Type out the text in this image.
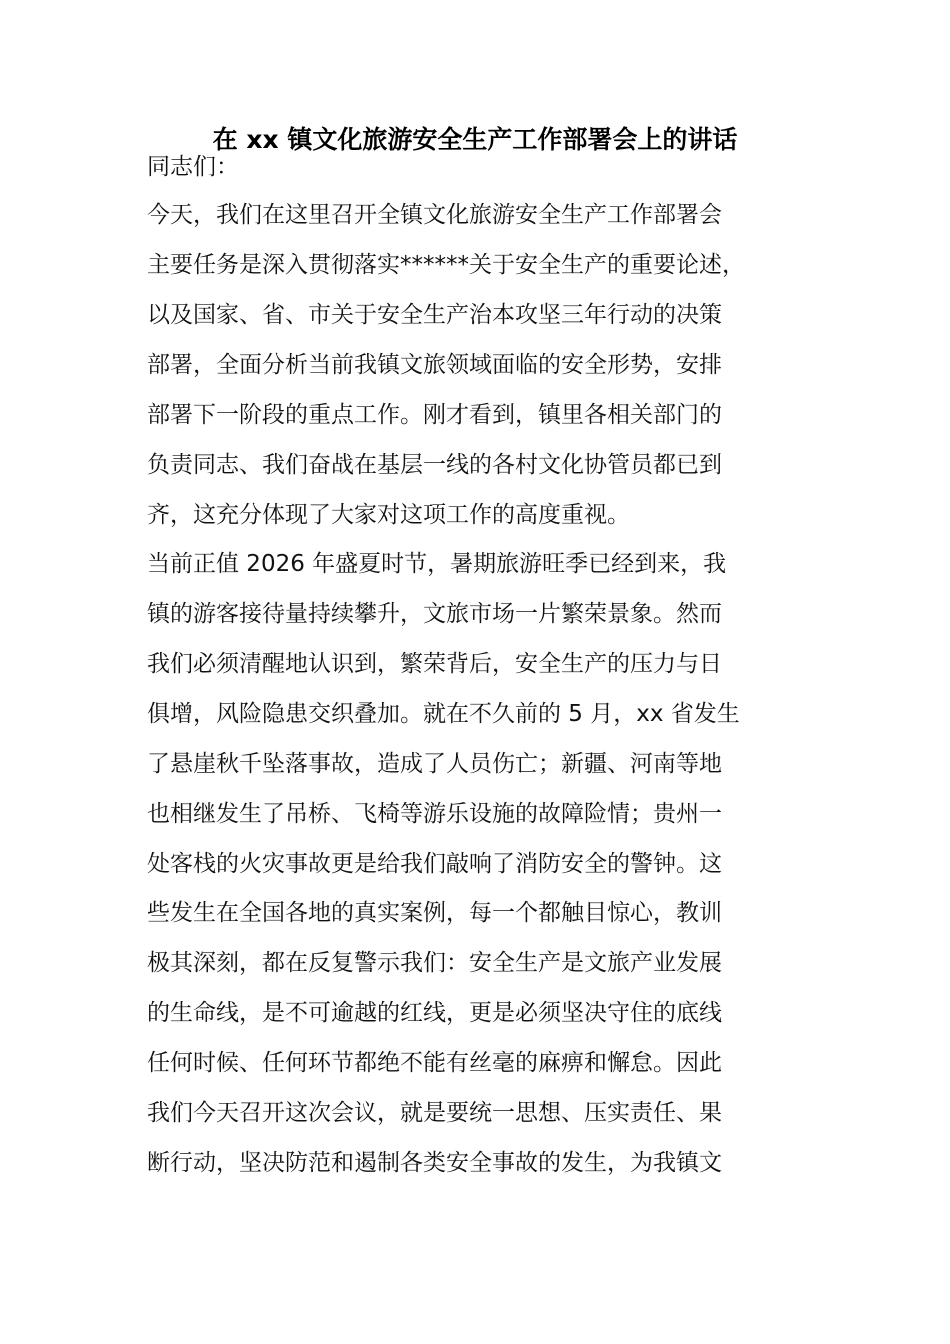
在 xx 镇文化旅游安全生产工作部署会上的讲话
同志们：
今天，我们在这里召开全镇文化旅游安全生产工作部署会
主要任务是深入贯彻落实******关于安全生产的重要论述，
以及国家、省、市关于安全生产治本攻坚三年行动的决策
部署，全面分析当前我镇文旅领域面临的安全形势，安排
部署下一阶段的重点工作。刚才看到，镇里各相关部门的
负责同志、我们奋战在基层一线的各村文化协管员都已到
齐，这充分体现了大家对这项工作的高度重视。
当前正值 2026 年盛夏时节，暑期旅游旺季已经到来，我
镇的游客接待量持续攀升，文旅市场一片繁荣景象。然而
我们必须清醒地认识到，繁荣背后，安全生产的压力与日
俱增，风险隐患交织叠加。就在不久前的 5 月，xx 省发生
了悬崖秋千坠落事故，造成了人员伤亡；新疆、河南等地
也相继发生了吊桥、飞椅等游乐设施的故障险情；贵州一
处客栈的火灾事故更是给我们敲响了消防安全的警钟。这
些发生在全国各地的真实案例，每一个都触目惊心，教训
极其深刻，都在反复警示我们：安全生产是文旅产业发展
的生命线，是不可逾越的红线，更是必须坚决守住的底线
任何时候、任何环节都绝不能有丝毫的麻痹和懈怠。因此
我们今天召开这次会议，就是要统一思想、压实责任、果
断行动，坚决防范和遏制各类安全事故的发生，为我镇文
